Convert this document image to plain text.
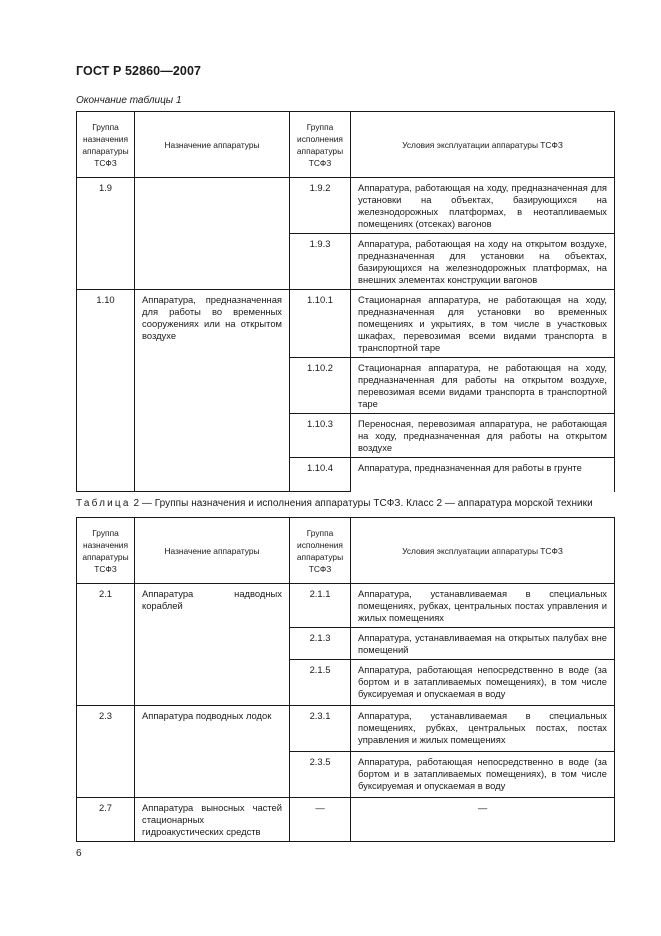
ГОСТ Р 52860—2007
Окончание таблицы 1
Группа назначения аппаратуры ТСФЗ	Назначение аппаратуры	Группа исполнения аппаратуры ТСФЗ	Условия эксплуатации аппаратуры ТСФЗ
1.9		1.9.2	Аппаратура, работающая на ходу, предназначенная для установки на объектах, базирующихся на железнодорожных платформах, в неотапливаемых помещениях (отсеках) вагонов
		1.9.3	Аппаратура, работающая на ходу на открытом воздухе, предназначенная для установки на объектах, базирующихся на железнодорожных платформах, на внешних элементах конструкции вагонов
1.10	Аппаратура, предназначенная для работы во временных сооружениях или на открытом воздухе	1.10.1	Стационарная аппаратура, не работающая на ходу, предназначенная для установки во временных помещениях и укрытиях, в том числе в участковых шкафах, перевозимая всеми видами транспорта в транспортной таре
		1.10.2	Стационарная аппаратура, не работающая на ходу, предназначенная для работы на открытом воздухе, перевозимая всеми видами транспорта в транспортной таре
		1.10.3	Переносная, перевозимая аппаратура, не работающая на ходу, предназначенная для работы на открытом воздухе
		1.10.4	Аппаратура, предназначенная для работы в грунте
Таблица 2 — Группы назначения и исполнения аппаратуры ТСФЗ. Класс 2 — аппаратура морской техники
Группа назначения аппаратуры ТСФЗ	Назначение аппаратуры	Группа исполнения аппаратуры ТСФЗ	Условия эксплуатации аппаратуры ТСФЗ
2.1	Аппаратура надводных кораблей	2.1.1	Аппаратура, устанавливаемая в специальных помещениях, рубках, центральных постах управления и жилых помещениях
		2.1.3	Аппаратура, устанавливаемая на открытых палубах вне помещений
		2.1.5	Аппаратура, работающая непосредственно в воде (за бортом и в затапливаемых помещениях), в том числе буксируемая и опускаемая в воду
2.3	Аппаратура подводных лодок	2.3.1	Аппаратура, устанавливаемая в специальных помещениях, рубках, центральных постах, постах управления и жилых помещениях
		2.3.5	Аппаратура, работающая непосредственно в воде (за бортом и в затапливаемых помещениях), в том числе буксируемая и опускаемая в воду
2.7	Аппаратура выносных частей стационарных гидроакустических средств	—	—
6
